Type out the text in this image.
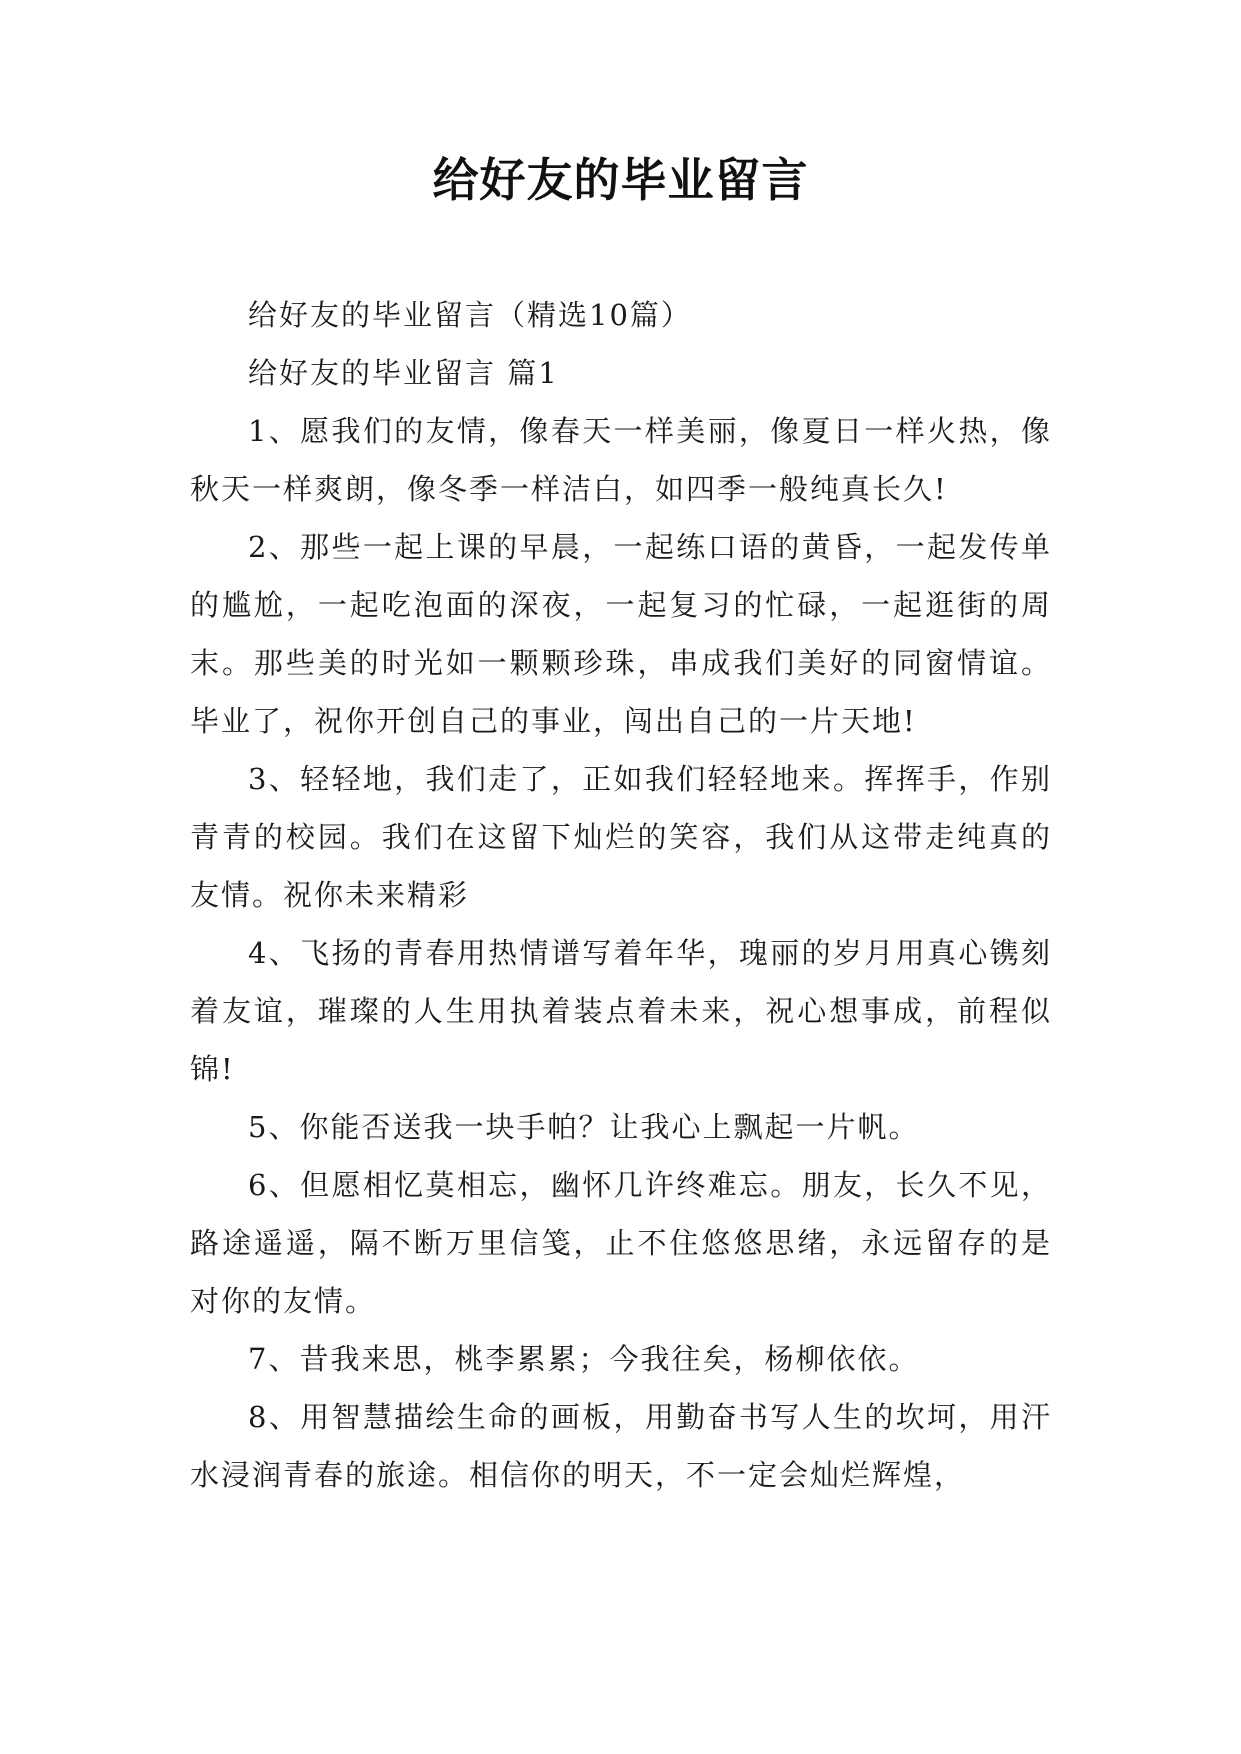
给好友的毕业留言

给好友的毕业留言（精选10篇）

给好友的毕业留言 篇1

1、愿我们的友情，像春天一样美丽，像夏日一样火热，像秋天一样爽朗，像冬季一样洁白，如四季一般纯真长久!

2、那些一起上课的早晨，一起练口语的黄昏，一起发传单的尴尬，一起吃泡面的深夜，一起复习的忙碌，一起逛街的周末。那些美的时光如一颗颗珍珠，串成我们美好的同窗情谊。毕业了，祝你开创自己的事业，闯出自己的一片天地!

3、轻轻地，我们走了，正如我们轻轻地来。挥挥手，作别青青的校园。我们在这留下灿烂的笑容，我们从这带走纯真的友情。祝你未来精彩

4、飞扬的青春用热情谱写着年华，瑰丽的岁月用真心镌刻着友谊，璀璨的人生用执着装点着未来，祝心想事成，前程似锦!

5、你能否送我一块手帕？让我心上飘起一片帆。

6、但愿相忆莫相忘，幽怀几许终难忘。朋友，长久不见，路途遥遥，隔不断万里信笺，止不住悠悠思绪，永远留存的是对你的友情。

7、昔我来思，桃李累累；今我往矣，杨柳依依。

8、用智慧描绘生命的画板，用勤奋书写人生的坎坷，用汗水浸润青春的旅途。相信你的明天，不一定会灿烂辉煌，
